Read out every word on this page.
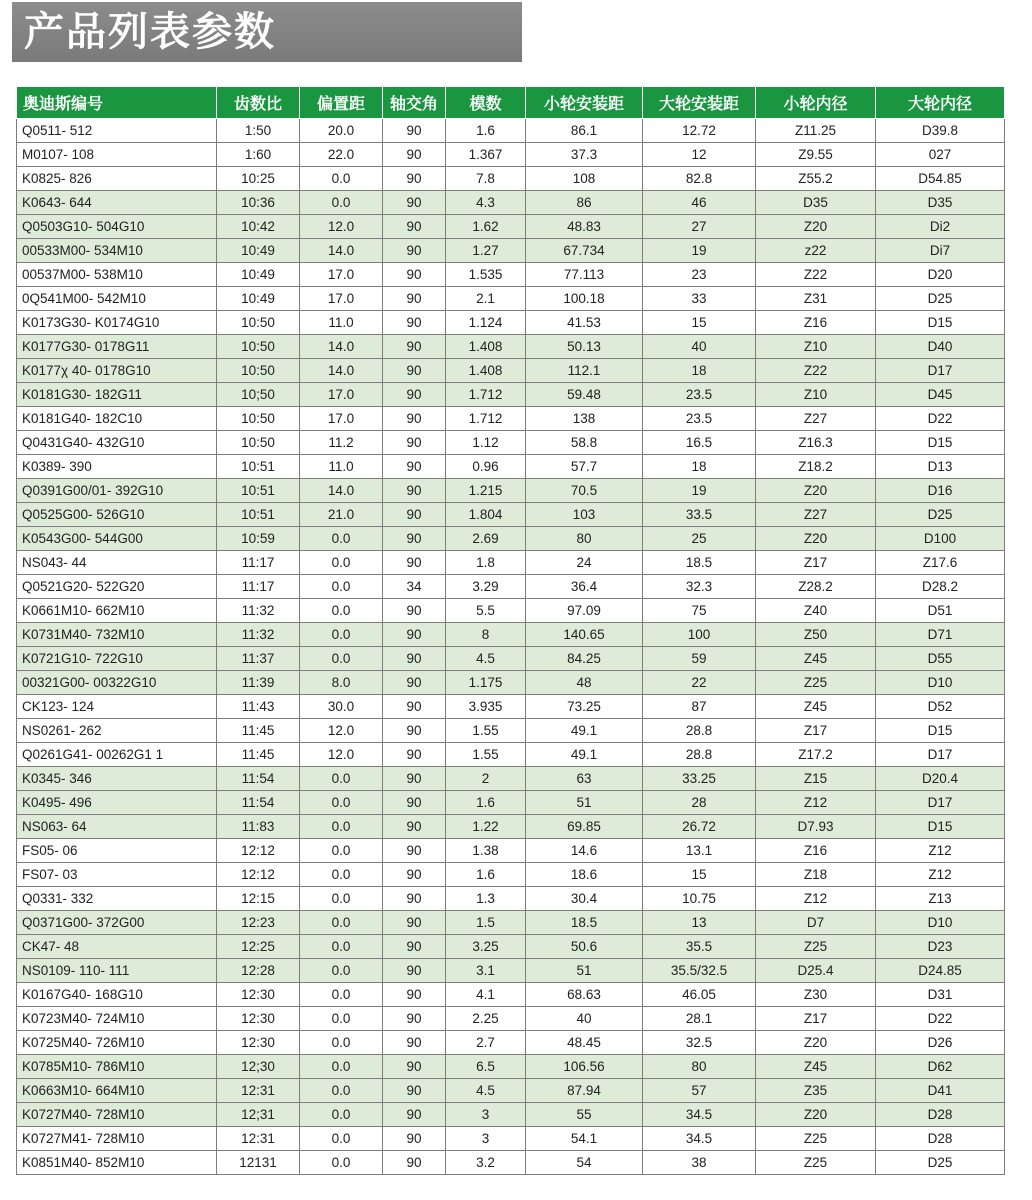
产品列表参数
奥迪斯编号	齿数比	偏置距	轴交角	模数	小轮安装距	大轮安装距	小轮内径	大轮内径
Q0511- 512	1:50	20.0	90	1.6	86.1	12.72	Z11.25	D39.8
M0107- 108	1:60	22.0	90	1.367	37.3	12	Z9.55	027
K0825- 826	10:25	0.0	90	7.8	108	82.8	Z55.2	D54.85
K0643- 644	10:36	0.0	90	4.3	86	46	D35	D35
Q0503G10- 504G10	10:42	12.0	90	1.62	48.83	27	Z20	Di2
00533M00- 534M10	10:49	14.0	90	1.27	67.734	19	z22	Di7
00537M00- 538M10	10:49	17.0	90	1.535	77.113	23	Z22	D20
0Q541M00- 542M10	10:49	17.0	90	2.1	100.18	33	Z31	D25
K0173G30- K0174G10	10:50	11.0	90	1.124	41.53	15	Z16	D15
K0177G30- 0178G11	10:50	14.0	90	1.408	50.13	40	Z10	D40
K0177χ 40- 0178G10	10:50	14.0	90	1.408	112.1	18	Z22	D17
K0181G30- 182G11	10;50	17.0	90	1.712	59.48	23.5	Z10	D45
K0181G40- 182C10	10:50	17.0	90	1.712	138	23.5	Z27	D22
Q0431G40- 432G10	10:50	11.2	90	1.12	58.8	16.5	Z16.3	D15
K0389- 390	10:51	11.0	90	0.96	57.7	18	Z18.2	D13
Q0391G00/01- 392G10	10:51	14.0	90	1.215	70.5	19	Z20	D16
Q0525G00- 526G10	10:51	21.0	90	1.804	103	33.5	Z27	D25
K0543G00- 544G00	10:59	0.0	90	2.69	80	25	Z20	D100
NS043- 44	11:17	0.0	90	1.8	24	18.5	Z17	Z17.6
Q0521G20- 522G20	11:17	0.0	34	3.29	36.4	32.3	Z28.2	D28.2
K0661M10- 662M10	11:32	0.0	90	5.5	97.09	75	Z40	D51
K0731M40- 732M10	11:32	0.0	90	8	140.65	100	Z50	D71
K0721G10- 722G10	11:37	0.0	90	4.5	84.25	59	Z45	D55
00321G00- 00322G10	11:39	8.0	90	1.175	48	22	Z25	D10
CK123- 124	11:43	30.0	90	3.935	73.25	87	Z45	D52
NS0261- 262	11:45	12.0	90	1.55	49.1	28.8	Z17	D15
Q0261G41- 00262G1 1	11:45	12.0	90	1.55	49.1	28.8	Z17.2	D17
K0345- 346	11:54	0.0	90	2	63	33.25	Z15	D20.4
K0495- 496	11:54	0.0	90	1.6	51	28	Z12	D17
NS063- 64	11:83	0.0	90	1.22	69.85	26.72	D7.93	D15
FS05- 06	12:12	0.0	90	1.38	14.6	13.1	Z16	Z12
FS07- 03	12:12	0.0	90	1.6	18.6	15	Z18	Z12
Q0331- 332	12:15	0.0	90	1.3	30.4	10.75	Z12	Z13
Q0371G00- 372G00	12:23	0.0	90	1.5	18.5	13	D7	D10
CK47- 48	12:25	0.0	90	3.25	50.6	35.5	Z25	D23
NS0109- 110- 111	12:28	0.0	90	3.1	51	35.5/32.5	D25.4	D24.85
K0167G40- 168G10	12:30	0.0	90	4.1	68.63	46.05	Z30	D31
K0723M40- 724M10	12:30	0.0	90	2.25	40	28.1	Z17	D22
K0725M40- 726M10	12:30	0.0	90	2.7	48.45	32.5	Z20	D26
K0785M10- 786M10	12;30	0.0	90	6.5	106.56	80	Z45	D62
K0663M10- 664M10	12:31	0.0	90	4.5	87.94	57	Z35	D41
K0727M40- 728M10	12;31	0.0	90	3	55	34.5	Z20	D28
K0727M41- 728M10	12:31	0.0	90	3	54.1	34.5	Z25	D28
K0851M40- 852M10	12131	0.0	90	3.2	54	38	Z25	D25
